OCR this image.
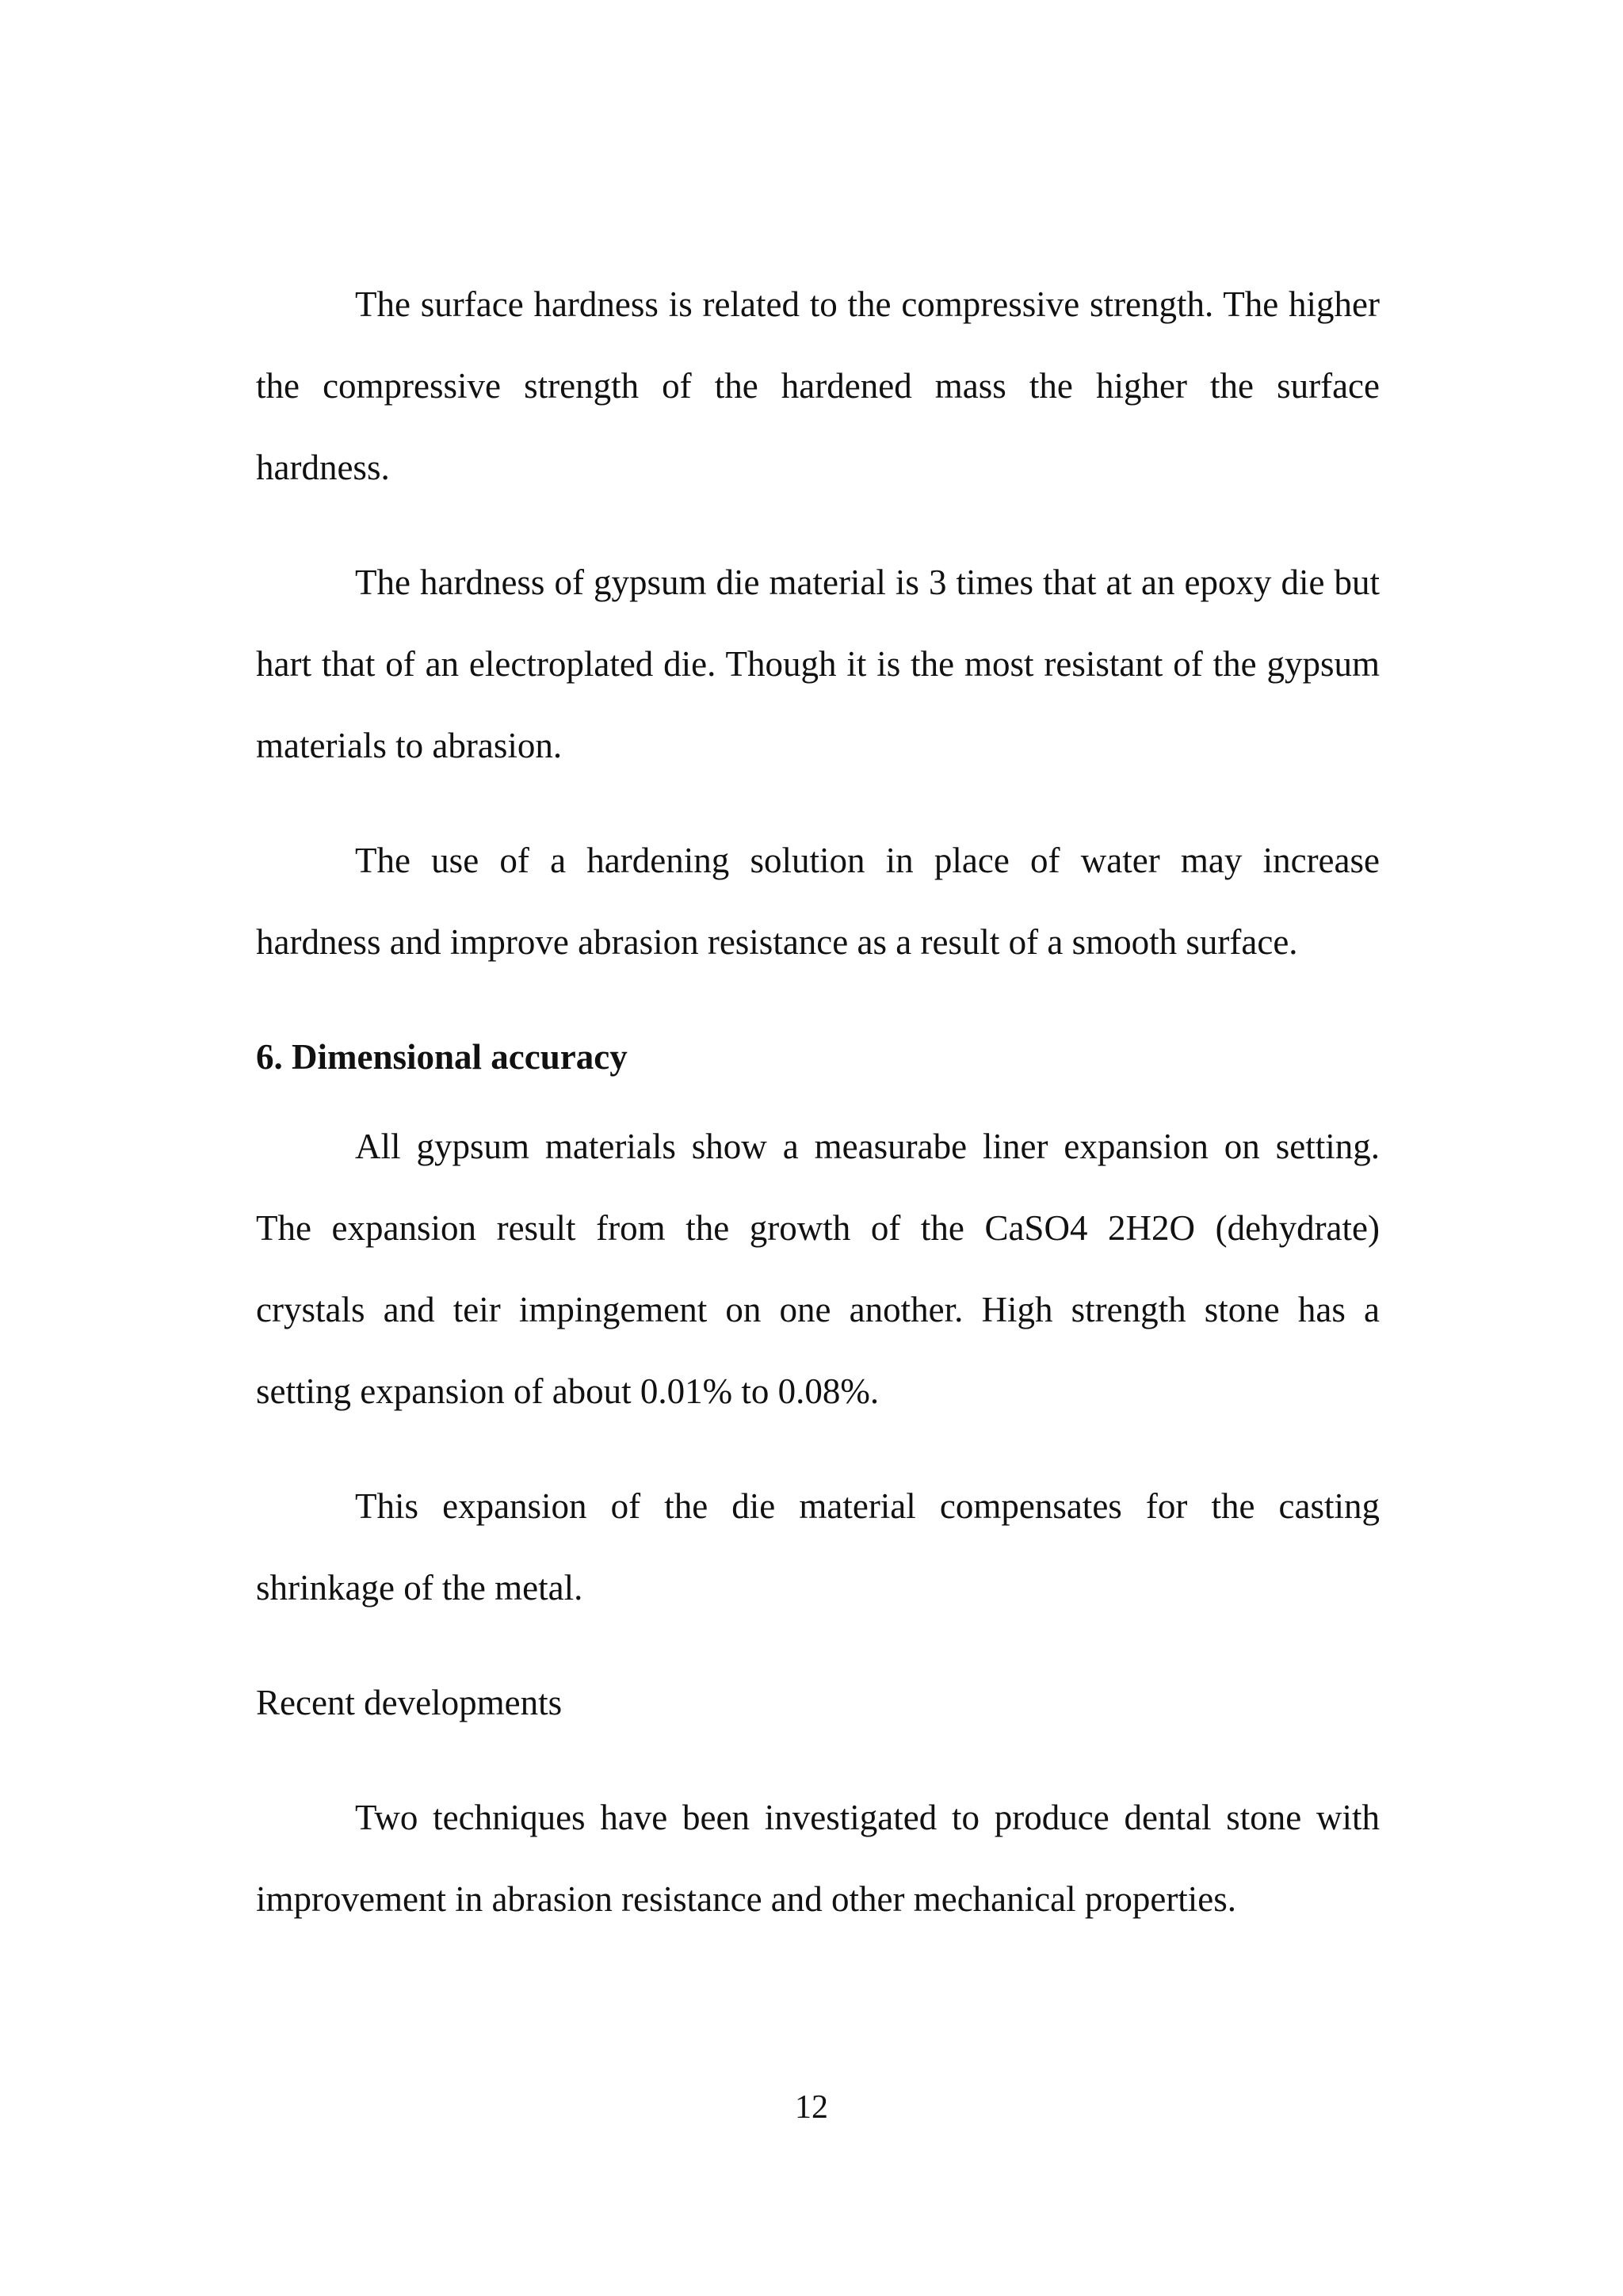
The surface hardness is related to the compressive strength. The higher the compressive strength of the hardened mass the higher the surface hardness.

The hardness of gypsum die material is 3 times that at an epoxy die but hart that of an electroplated die. Though it is the most resistant of the gypsum materials to abrasion.

The use of a hardening solution in place of water may increase hardness and improve abrasion resistance as a result of a smooth surface.

6. Dimensional accuracy

All gypsum materials show a measurabe liner expansion on setting. The expansion result from the growth of the CaSO4 2H2O (dehydrate) crystals and teir impingement on one another. High strength stone has a setting expansion of about 0.01% to 0.08%.

This expansion of the die material compensates for the casting shrinkage of the metal.

Recent developments

Two techniques have been investigated to produce dental stone with improvement in abrasion resistance and other mechanical properties.

12
